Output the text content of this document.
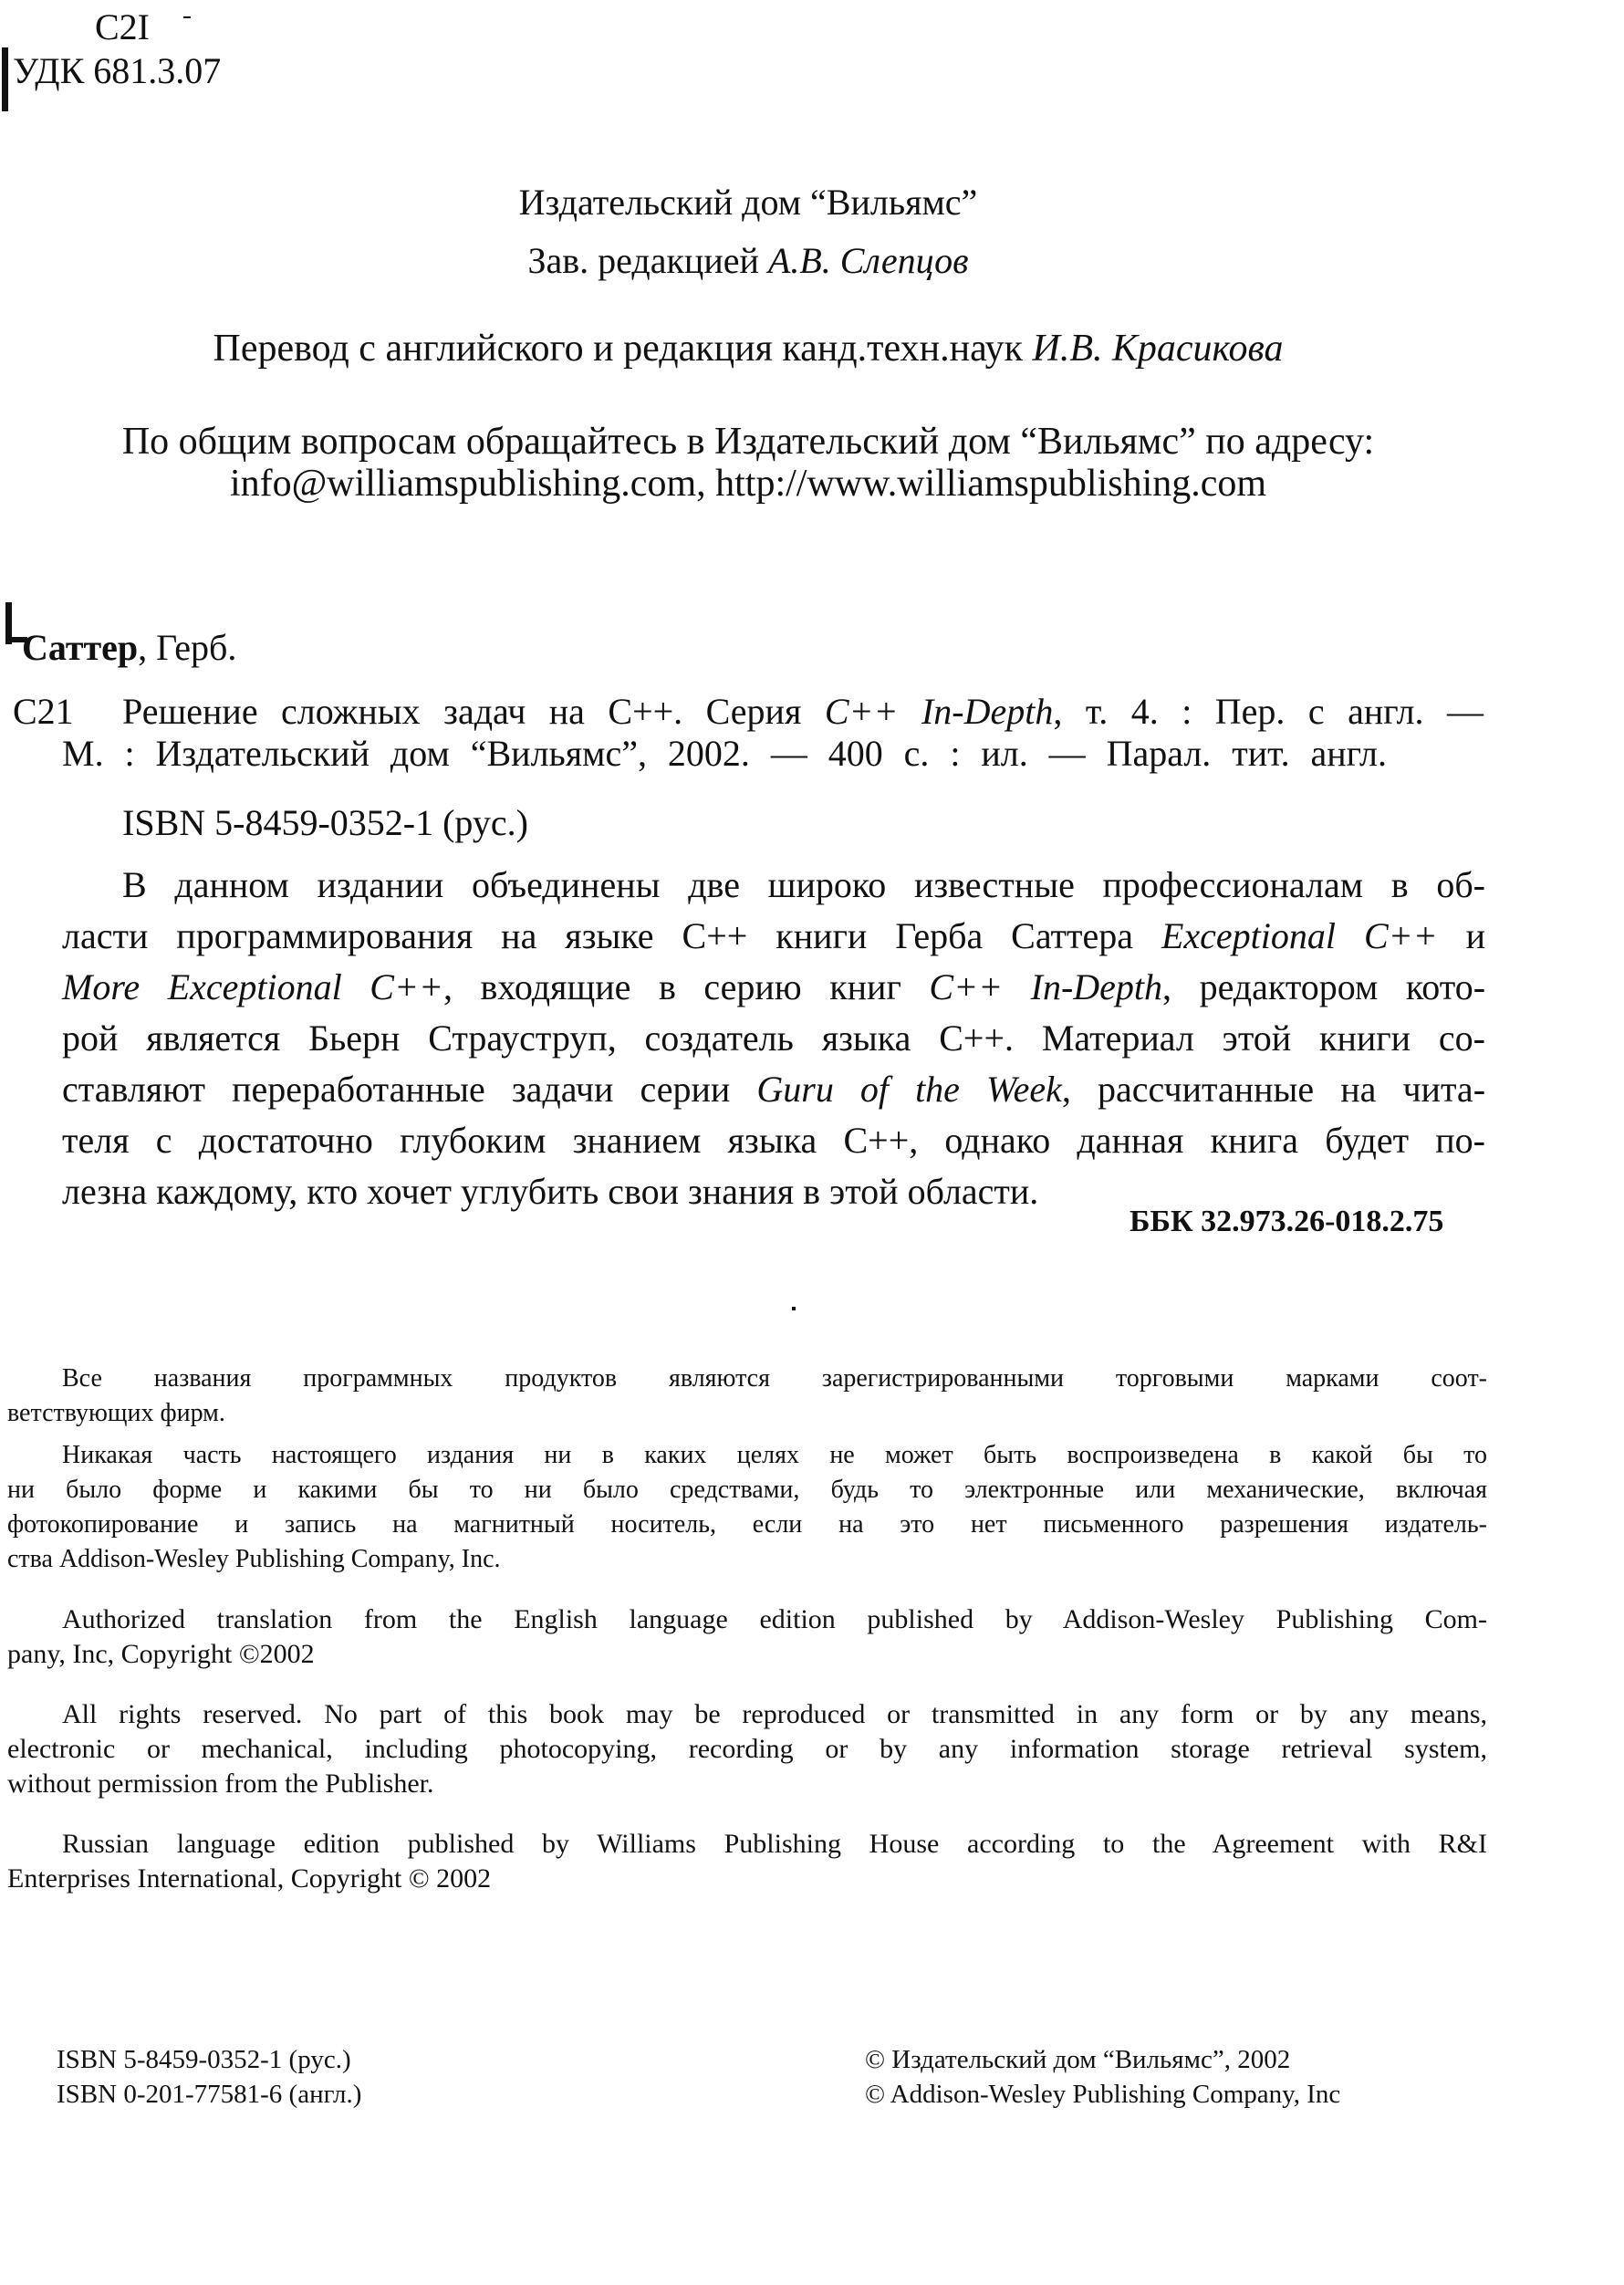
C2I
УДК 681.3.07
Издательский дом “Вильямс”
Зав. редакцией А.В. Слепцов
Перевод с английского и редакция канд.техн.наук И.В. Красикова
По общим вопросам обращайтесь в Издательский дом “Вильямс” по адресу:
info@williamspublishing.com, http://www.williamspublishing.com
Саттер, Герб.
С21 Решение сложных задач на С++. Серия C++ In-Depth, т. 4. : Пер. с англ. —
М. : Издательский дом “Вильямс”, 2002. — 400 с. : ил. — Парал. тит. англ.
ISBN 5-8459-0352-1 (рус.)
В данном издании объединены две широко известные профессионалам в об-
ласти программирования на языке С++ книги Герба Саттера Exceptional C++ и
More Exceptional C++, входящие в серию книг C++ In-Depth, редактором кото-
рой является Бьерн Страуструп, создатель языка С++. Материал этой книги со-
ставляют переработанные задачи серии Guru of the Week, рассчитанные на чита-
теля с достаточно глубоким знанием языка С++, однако данная книга будет по-
лезна каждому, кто хочет углубить свои знания в этой области.
ББК 32.973.26-018.2.75
Все названия программных продуктов являются зарегистрированными торговыми марками соот-
ветствующих фирм.
Никакая часть настоящего издания ни в каких целях не может быть воспроизведена в какой бы то
ни было форме и какими бы то ни было средствами, будь то электронные или механические, включая
фотокопирование и запись на магнитный носитель, если на это нет письменного разрешения издатель-
ства Addison-Wesley Publishing Company, Inc.
Authorized translation from the English language edition published by Addison-Wesley Publishing Com-
pany, Inc, Copyright ©2002
All rights reserved. No part of this book may be reproduced or transmitted in any form or by any means,
electronic or mechanical, including photocopying, recording or by any information storage retrieval system,
without permission from the Publisher.
Russian language edition published by Williams Publishing House according to the Agreement with R&I
Enterprises International, Copyright © 2002
ISBN 5-8459-0352-1 (рус.)
ISBN 0-201-77581-6 (англ.)
© Издательский дом “Вильямс”, 2002
© Addison-Wesley Publishing Company, Inc
